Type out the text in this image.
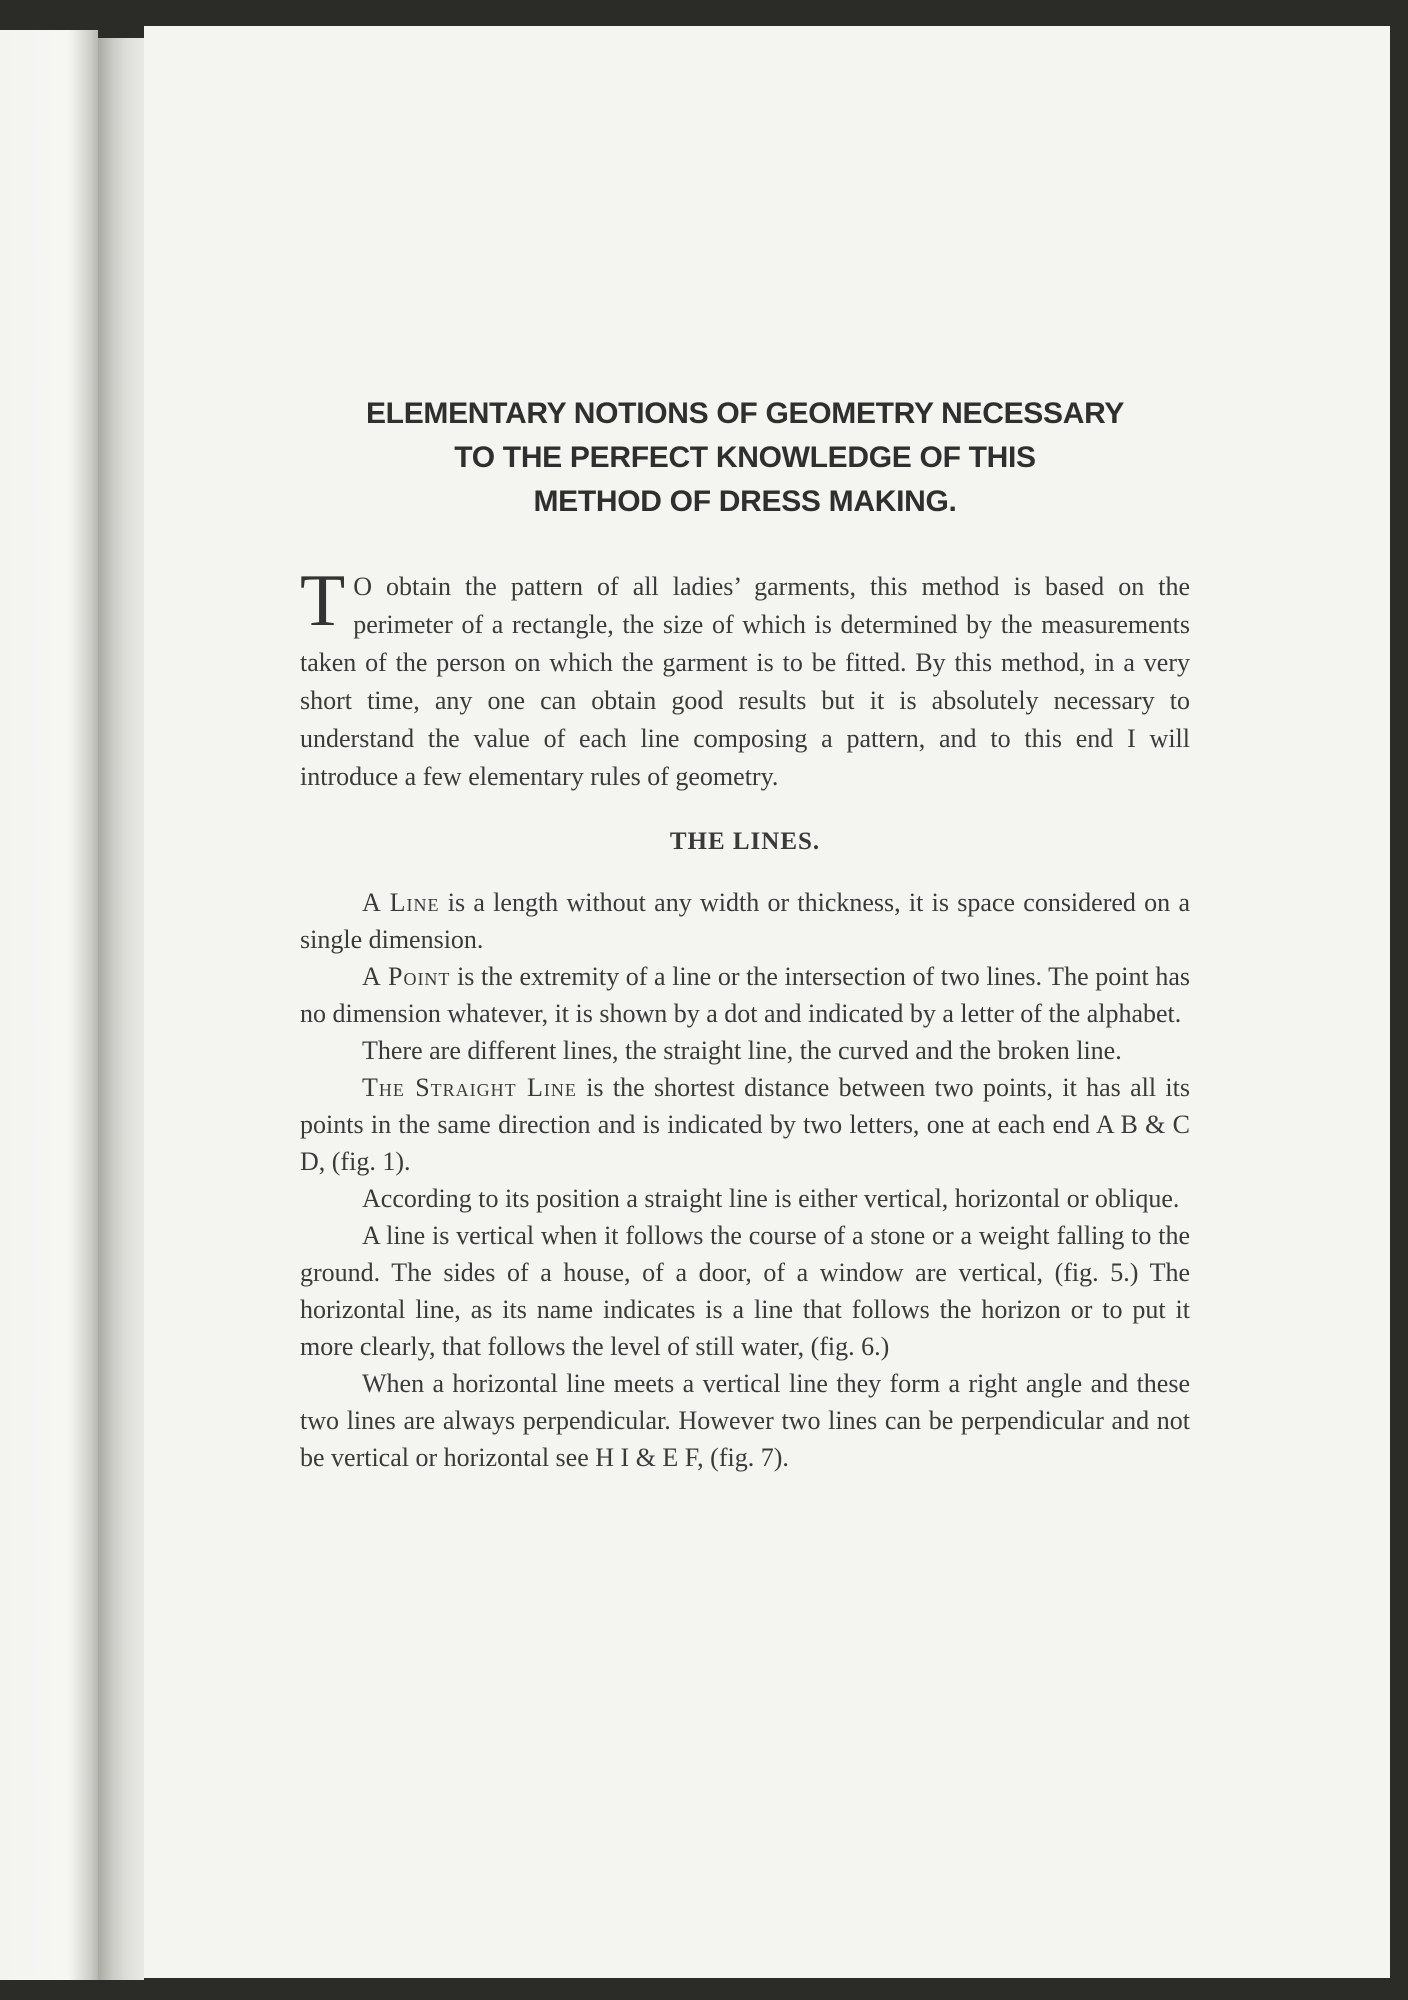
ELEMENTARY NOTIONS OF GEOMETRY NECESSARY
TO THE PERFECT KNOWLEDGE OF THIS
METHOD OF DRESS MAKING.

T O obtain the pattern of all ladies’ garments, this method is based on the perimeter of a rectangle, the size of which is determined by the measurements taken of the person on which the garment is to be fitted. By this method, in a very short time, any one can obtain good results but it is absolutely necessary to understand the value of each line composing a pattern, and to this end I will introduce a few elementary rules of geometry.

THE LINES.

A Line is a length without any width or thickness, it is space considered on a single dimension.

A Point is the extremity of a line or the intersection of two lines. The point has no dimension whatever, it is shown by a dot and indicated by a letter of the alphabet.

There are different lines, the straight line, the curved and the broken line.

The Straight Line is the shortest distance between two points, it has all its points in the same direction and is indicated by two letters, one at each end A B & C D, (fig. 1).

According to its position a straight line is either vertical, horizontal or oblique.

A line is vertical when it follows the course of a stone or a weight falling to the ground. The sides of a house, of a door, of a window are vertical, (fig. 5.) The horizontal line, as its name indicates is a line that follows the horizon or to put it more clearly, that follows the level of still water, (fig. 6.)

When a horizontal line meets a vertical line they form a right angle and these two lines are always perpendicular. However two lines can be perpendicular and not be vertical or horizontal see H I & E F, (fig. 7).
